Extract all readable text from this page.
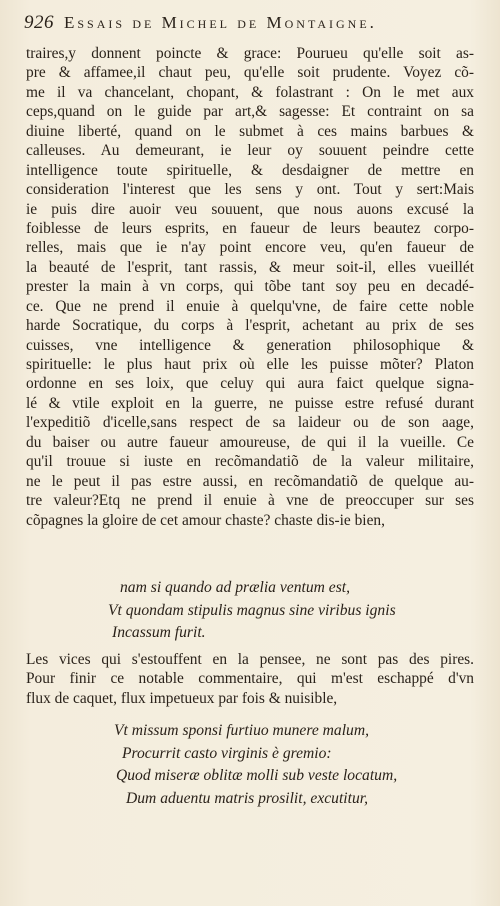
926 Essais de Michel de Montaigne.
traires,y donnent poincte & grace: Pourueu qu'elle soit as-
pre & affamee,il chaut peu, qu'elle soit prudente. Voyez cõ-
me il va chancelant, chopant, & folastrant : On le met aux
ceps,quand on le guide par art,& sagesse: Et contraint on sa
diuine liberté, quand on le submet à ces mains barbues &
calleuses. Au demeurant, ie leur oy souuent peindre cette
intelligence toute spirituelle, & desdaigner de mettre en
consideration l'interest que les sens y ont. Tout y sert:Mais
ie puis dire auoir veu souuent, que nous auons excusé la
foiblesse de leurs esprits, en faueur de leurs beautez corpo-
relles, mais que ie n'ay point encore veu, qu'en faueur de
la beauté de l'esprit, tant rassis, & meur soit-il, elles vueillét
prester la main à vn corps, qui tõbe tant soy peu en decadé-
ce. Que ne prend il enuie à quelqu'vne, de faire cette noble
harde Socratique, du corps à l'esprit, achetant au prix de ses
cuisses, vne intelligence & generation philosophique &
spirituelle: le plus haut prix où elle les puisse mõter? Platon
ordonne en ses loix, que celuy qui aura faict quelque signa-
lé & vtile exploit en la guerre, ne puisse estre refusé durant
l'expeditiõ d'icelle,sans respect de sa laideur ou de son aage,
du baiser ou autre faueur amoureuse, de qui il la vueille. Ce
qu'il trouue si iuste en recõmandatiõ de la valeur militaire,
ne le peut il pas estre aussi, en recõmandatiõ de quelque au-
tre valeur?Etq ne prend il enuie à vne de preoccuper sur ses
cõpagnes la gloire de cet amour chaste? chaste dis-ie bien,
nam si quando ad prælia ventum est,
Vt quondam stipulis magnus sine viribus ignis
Incassum furit.
Les vices qui s'estouffent en la pensee, ne sont pas des pires.
Pour finir ce notable commentaire, qui m'est eschappé d'vn
flux de caquet, flux impetueux par fois & nuisible,
Vt missum sponsi furtiuo munere malum,
Procurrit casto virginis è gremio:
Quod miseræ oblitæ molli sub veste locatum,
Dum aduentu matris prosilit, excutitur,
